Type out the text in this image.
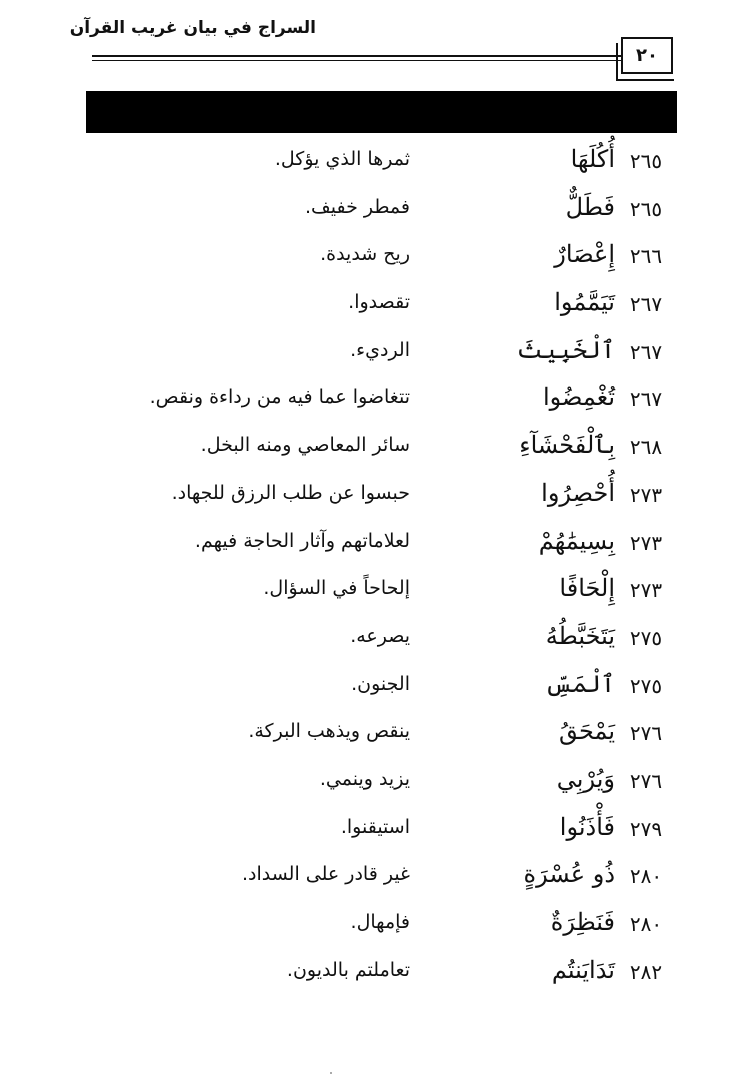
السراج في بيان غريب القرآن
٢٠
٢٦٥
أُكُلَهَا
ثمرها الذي يؤكل.
٢٦٥
فَطَلٌّ
فمطر خفيف.
٢٦٦
إِعْصَارٌ
ريح شديدة.
٢٦٧
تَيَمَّمُوا
تقصدوا.
٢٦٧
ٱلْخَبِيثَ
الرديء.
٢٦٧
تُغْمِضُوا
تتغاضوا عما فيه من رداءة ونقص.
٢٦٨
بِٱلْفَحْشَآءِ
سائر المعاصي ومنه البخل.
٢٧٣
أُحْصِرُوا
حبسوا عن طلب الرزق للجهاد.
٢٧٣
بِسِيمَٰهُمْ
لعلاماتهم وآثار الحاجة فيهم.
٢٧٣
إِلْحَافًا
إلحاحاً في السؤال.
٢٧٥
يَتَخَبَّطُهُ
يصرعه.
٢٧٥
ٱلْمَسِّ
الجنون.
٢٧٦
يَمْحَقُ
ينقص ويذهب البركة.
٢٧٦
وَيُرْبِي
يزيد وينمي.
٢٧٩
فَأْذَنُوا
استيقنوا.
٢٨٠
ذُو عُسْرَةٍ
غير قادر على السداد.
٢٨٠
فَنَظِرَةٌ
فإمهال.
٢٨٢
تَدَايَنتُم
تعاملتم بالديون.
